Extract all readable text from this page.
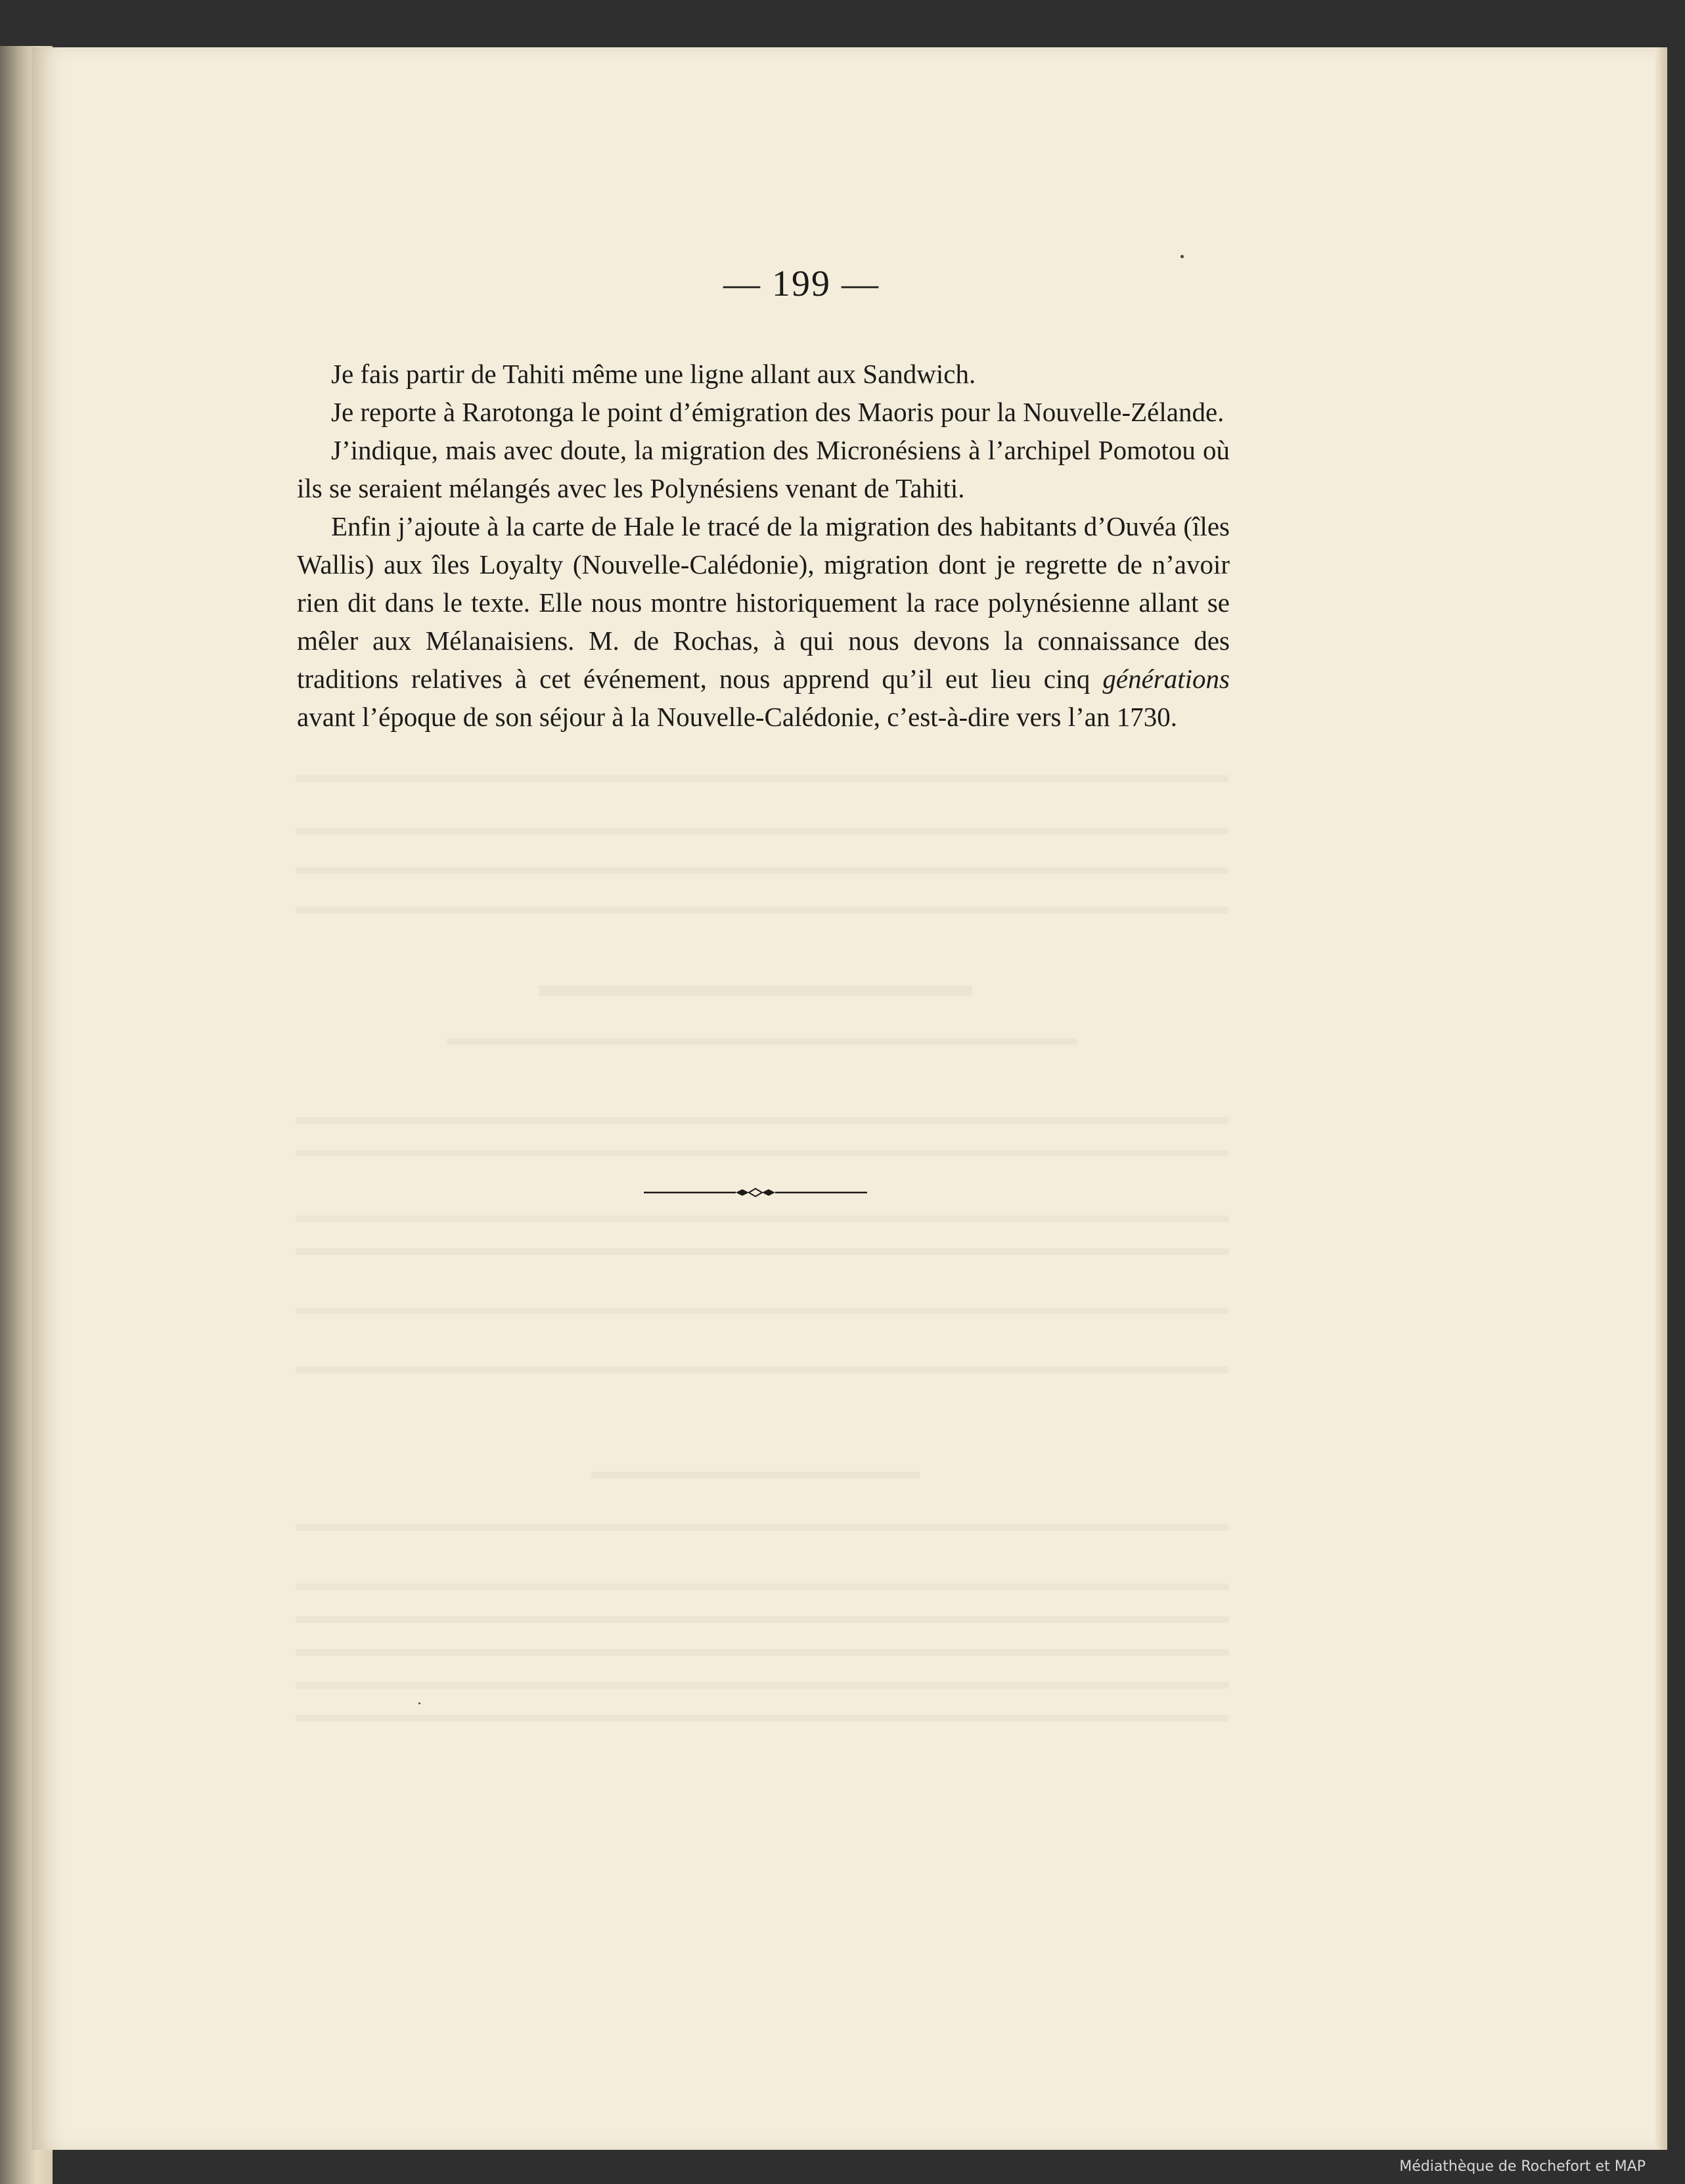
— 199 —

Je fais partir de Tahiti même une ligne allant aux Sandwich.

Je reporte à Rarotonga le point d’émigration des Maoris pour la Nouvelle-Zélande.

J’indique, mais avec doute, la migration des Micronésiens à l’archipel Pomotou où ils se seraient mélangés avec les Polynésiens venant de Tahiti.

Enfin j’ajoute à la carte de Hale le tracé de la migration des habitants d’Ouvéa (îles Wallis) aux îles Loyalty (Nouvelle-Calédonie), migration dont je regrette de n’avoir rien dit dans le texte. Elle nous montre historiquement la race polynésienne allant se mêler aux Mélanaisiens. M. de Rochas, à qui nous devons la connaissance des traditions relatives à cet événement, nous apprend qu’il eut lieu cinq générations avant l’époque de son séjour à la Nouvelle-Calédonie, c’est-à-dire vers l’an 1730.

Médiathèque de Rochefort et MAP
